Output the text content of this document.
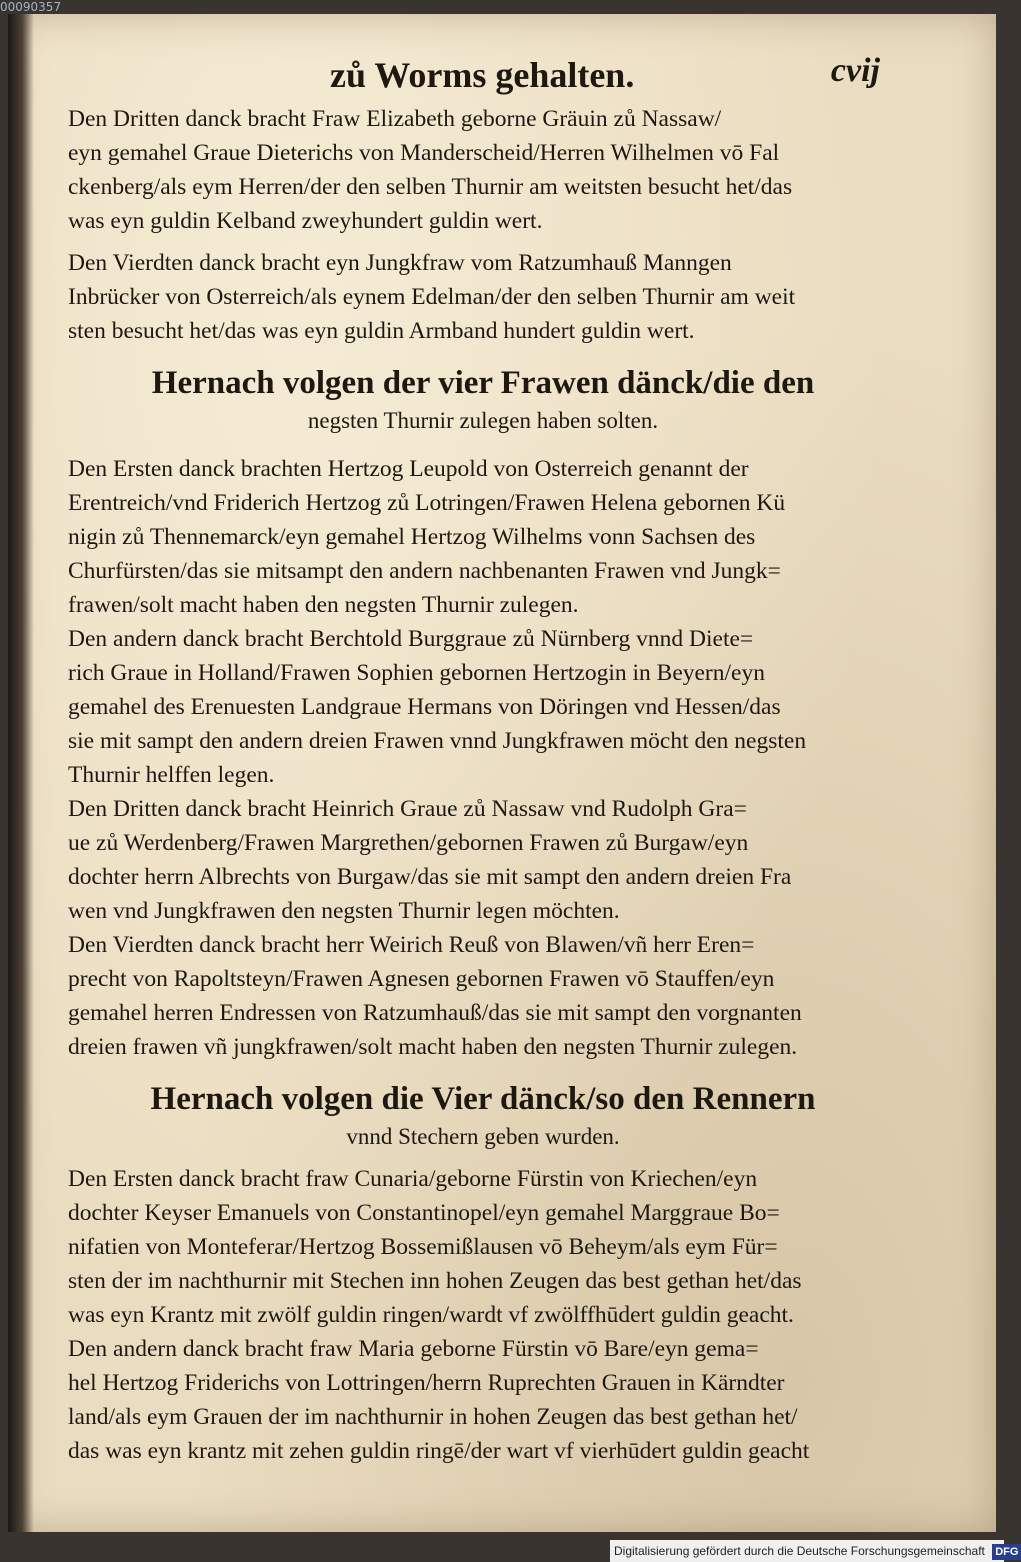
00090357
zů Worms gehalten.	cvij

Den Dritten danck bracht Fraw Elizabeth geborne Gräuin zů Nassaw/
eyn gemahel Graue Dieterichs von Manderscheid/Herren Wilhelmen vō Fal
ckenberg/als eym Herren/der den selben Thurnir am weitsten besucht het/das
was eyn guldin Kelband zweyhundert guldin wert.

Den Vierdten danck bracht eyn Jungkfraw vom Ratzumhauß Manngen
Inbrücker von Osterreich/als eynem Edelman/der den selben Thurnir am weit
sten besucht het/das was eyn guldin Armband hundert guldin wert.

Hernach volgen der vier Frawen dänck/die den
negsten Thurnir zulegen haben solten.

Den Ersten danck brachten Hertzog Leupold von Osterreich genannt der
Erentreich/vnd Friderich Hertzog zů Lotringen/Frawen Helena gebornen Kü
nigin zů Thennemarck/eyn gemahel Hertzog Wilhelms vonn Sachsen des
Churfürsten/das sie mitsampt den andern nachbenanten Frawen vnd Jungk=
frawen/solt macht haben den negsten Thurnir zulegen.

Den andern danck bracht Berchtold Burggraue zů Nürnberg vnnd Diete=
rich Graue in Holland/Frawen Sophien gebornen Hertzogin in Beyern/eyn
gemahel des Erenuesten Landgraue Hermans von Döringen vnd Hessen/das
sie mit sampt den andern dreien Frawen vnnd Jungkfrawen möcht den negsten
Thurnir helffen legen.

Den Dritten danck bracht Heinrich Graue zů Nassaw vnd Rudolph Gra=
ue zů Werdenberg/Frawen Margrethen/gebornen Frawen zů Burgaw/eyn
dochter herrn Albrechts von Burgaw/das sie mit sampt den andern dreien Fra
wen vnd Jungkfrawen den negsten Thurnir legen möchten.

Den Vierdten danck bracht herr Weirich Reuß von Blawen/vñ herr Eren=
precht von Rapoltsteyn/Frawen Agnesen gebornen Frawen vō Stauffen/eyn
gemahel herren Endressen von Ratzumhauß/das sie mit sampt den vorgnanten
dreien frawen vñ jungkfrawen/solt macht haben den negsten Thurnir zulegen.

Hernach volgen die Vier dänck/so den Rennern
vnnd Stechern geben wurden.

Den Ersten danck bracht fraw Cunaria/geborne Fürstin von Kriechen/eyn
dochter Keyser Emanuels von Constantinopel/eyn gemahel Marggraue Bo=
nifatien von Monteferar/Hertzog Bossemißlausen vō Beheym/als eym Für=
sten der im nachthurnir mit Stechen inn hohen Zeugen das best gethan het/das
was eyn Krantz mit zwölf guldin ringen/wardt vf zwölffhūdert guldin geacht.

Den andern danck bracht fraw Maria geborne Fürstin vō Bare/eyn gema=
hel Hertzog Friderichs von Lottringen/herrn Ruprechten Grauen in Kärndter
land/als eym Grauen der im nachthurnir in hohen Zeugen das best gethan het/
das was eyn krantz mit zehen guldin ringē/der wart vf vierhūdert guldin geacht

Digitalisierung gefördert durch die Deutsche Forschungsgemeinschaft DFG
